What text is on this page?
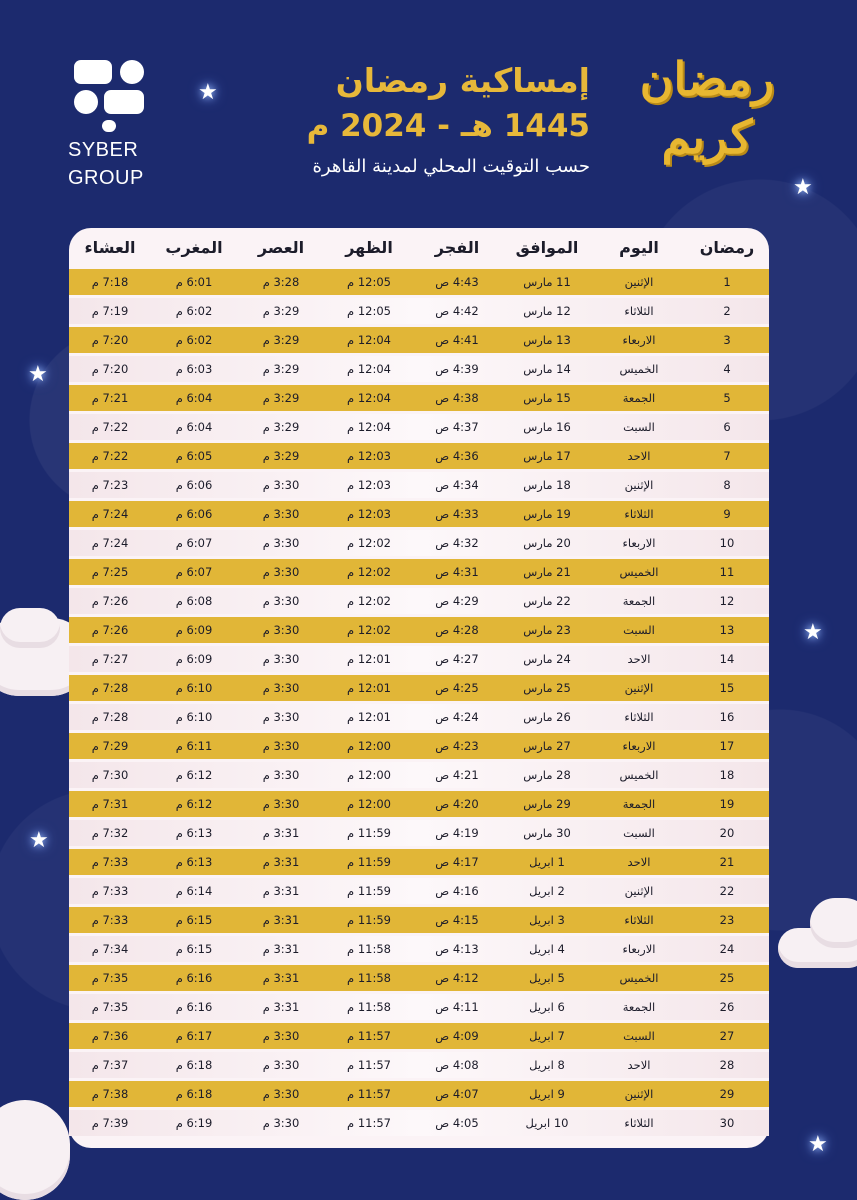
★
★
★
★
★
★
SYBER
GROUP
إمساكية رمضان
1445 هـ - 2024 م
حسب التوقيت المحلي لمدينة القاهرة
رمضان كريم
رمضان
اليوم
الموافق
الفجر
الظهر
العصر
المغرب
العشاء
1
الإثنين
11 مارس
4:43 ص
12:05 م
3:28 م
6:01 م
7:18 م
2
الثلاثاء
12 مارس
4:42 ص
12:05 م
3:29 م
6:02 م
7:19 م
3
الاربعاء
13 مارس
4:41 ص
12:04 م
3:29 م
6:02 م
7:20 م
4
الخميس
14 مارس
4:39 ص
12:04 م
3:29 م
6:03 م
7:20 م
5
الجمعة
15 مارس
4:38 ص
12:04 م
3:29 م
6:04 م
7:21 م
6
السبت
16 مارس
4:37 ص
12:04 م
3:29 م
6:04 م
7:22 م
7
الاحد
17 مارس
4:36 ص
12:03 م
3:29 م
6:05 م
7:22 م
8
الإثنين
18 مارس
4:34 ص
12:03 م
3:30 م
6:06 م
7:23 م
9
الثلاثاء
19 مارس
4:33 ص
12:03 م
3:30 م
6:06 م
7:24 م
10
الاربعاء
20 مارس
4:32 ص
12:02 م
3:30 م
6:07 م
7:24 م
11
الخميس
21 مارس
4:31 ص
12:02 م
3:30 م
6:07 م
7:25 م
12
الجمعة
22 مارس
4:29 ص
12:02 م
3:30 م
6:08 م
7:26 م
13
السبت
23 مارس
4:28 ص
12:02 م
3:30 م
6:09 م
7:26 م
14
الاحد
24 مارس
4:27 ص
12:01 م
3:30 م
6:09 م
7:27 م
15
الإثنين
25 مارس
4:25 ص
12:01 م
3:30 م
6:10 م
7:28 م
16
الثلاثاء
26 مارس
4:24 ص
12:01 م
3:30 م
6:10 م
7:28 م
17
الاربعاء
27 مارس
4:23 ص
12:00 م
3:30 م
6:11 م
7:29 م
18
الخميس
28 مارس
4:21 ص
12:00 م
3:30 م
6:12 م
7:30 م
19
الجمعة
29 مارس
4:20 ص
12:00 م
3:30 م
6:12 م
7:31 م
20
السبت
30 مارس
4:19 ص
11:59 م
3:31 م
6:13 م
7:32 م
21
الاحد
1 ابريل
4:17 ص
11:59 م
3:31 م
6:13 م
7:33 م
22
الإثنين
2 ابريل
4:16 ص
11:59 م
3:31 م
6:14 م
7:33 م
23
الثلاثاء
3 ابريل
4:15 ص
11:59 م
3:31 م
6:15 م
7:33 م
24
الاربعاء
4 ابريل
4:13 ص
11:58 م
3:31 م
6:15 م
7:34 م
25
الخميس
5 ابريل
4:12 ص
11:58 م
3:31 م
6:16 م
7:35 م
26
الجمعة
6 ابريل
4:11 ص
11:58 م
3:31 م
6:16 م
7:35 م
27
السبت
7 ابريل
4:09 ص
11:57 م
3:30 م
6:17 م
7:36 م
28
الاحد
8 ابريل
4:08 ص
11:57 م
3:30 م
6:18 م
7:37 م
29
الإثنين
9 ابريل
4:07 ص
11:57 م
3:30 م
6:18 م
7:38 م
30
الثلاثاء
10 ابريل
4:05 ص
11:57 م
3:30 م
6:19 م
7:39 م
